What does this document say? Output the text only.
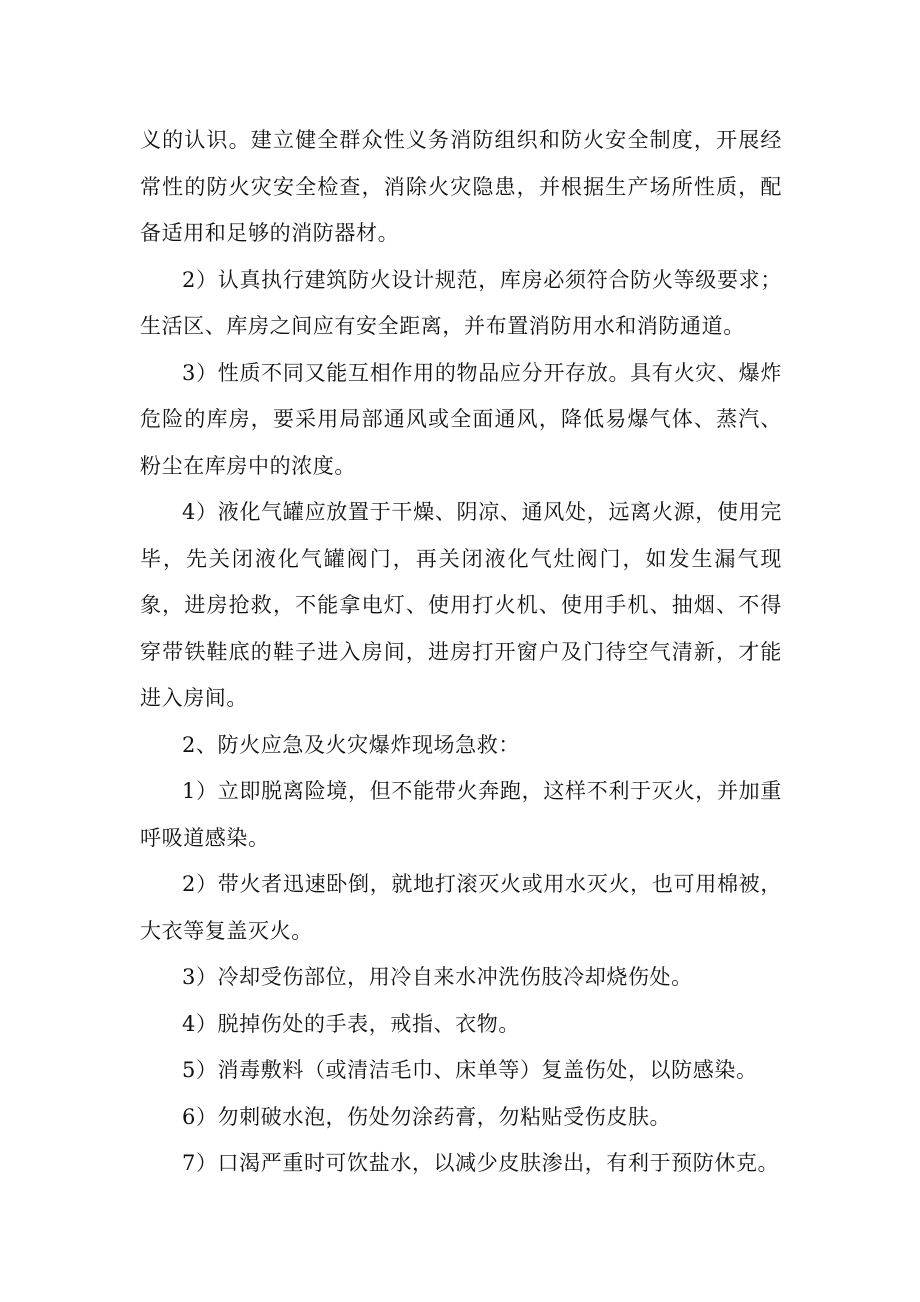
义的认识。建立健全群众性义务消防组织和防火安全制度，开展经常性的防火灾安全检查，消除火灾隐患，并根据生产场所性质，配备适用和足够的消防器材。

2）认真执行建筑防火设计规范，库房必须符合防火等级要求；生活区、库房之间应有安全距离，并布置消防用水和消防通道。

3）性质不同又能互相作用的物品应分开存放。具有火灾、爆炸危险的库房，要采用局部通风或全面通风，降低易爆气体、蒸汽、粉尘在库房中的浓度。

4）液化气罐应放置于干燥、阴凉、通风处，远离火源，使用完毕，先关闭液化气罐阀门，再关闭液化气灶阀门，如发生漏气现象，进房抢救，不能拿电灯、使用打火机、使用手机、抽烟、不得穿带铁鞋底的鞋子进入房间，进房打开窗户及门待空气清新，才能进入房间。

2、防火应急及火灾爆炸现场急救：

1）立即脱离险境，但不能带火奔跑，这样不利于灭火，并加重呼吸道感染。

2）带火者迅速卧倒，就地打滚灭火或用水灭火，也可用棉被，大衣等复盖灭火。

3）冷却受伤部位，用冷自来水冲洗伤肢冷却烧伤处。

4）脱掉伤处的手表，戒指、衣物。

5）消毒敷料（或清洁毛巾、床单等）复盖伤处，以防感染。

6）勿刺破水泡，伤处勿涂药膏，勿粘贴受伤皮肤。

7）口渴严重时可饮盐水，以减少皮肤渗出，有利于预防休克。
